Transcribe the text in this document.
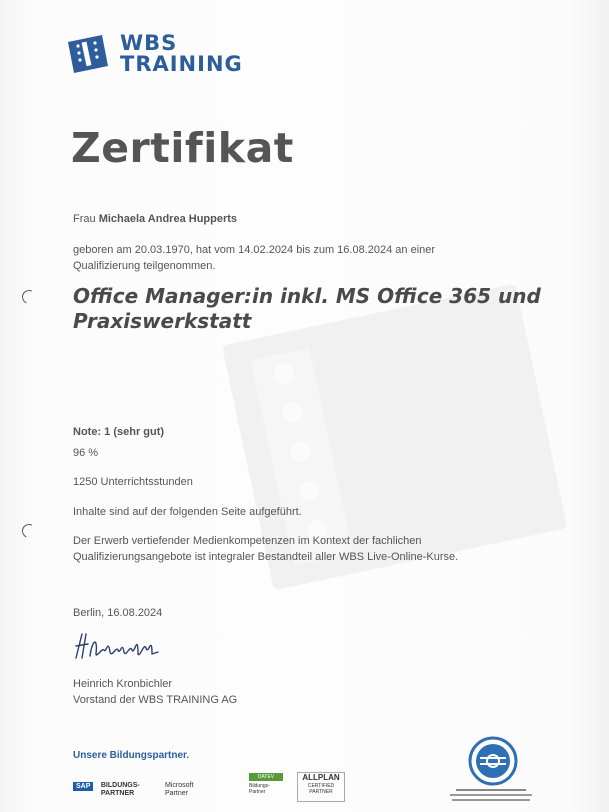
WBS
TRAINING
Zertifikat
Frau Michaela Andrea Hupperts
geboren am 20.03.1970, hat vom 14.02.2024 bis zum 16.08.2024 an einer
Qualifizierung teilgenommen.
Office Manager:in inkl. MS Office 365 und
Praxiswerkstatt
Note: 1 (sehr gut)
96 %
1250 Unterrichtsstunden
Inhalte sind auf der folgenden Seite aufgeführt.
Der Erwerb vertiefender Medienkompetenzen im Kontext der fachlichen
Qualifizierungsangebote ist integraler Bestandteil aller WBS Live-Online-Kurse.
Berlin, 16.08.2024
Heinrich Kronbichler
Vorstand der WBS TRAINING AG
Unsere Bildungspartner.
SAP BILDUNGS-
PARTNER
Microsoft
Partner
DATEV
Bildungs-
Partner
ALLPLAN
CERTIFIED
PARTNER
